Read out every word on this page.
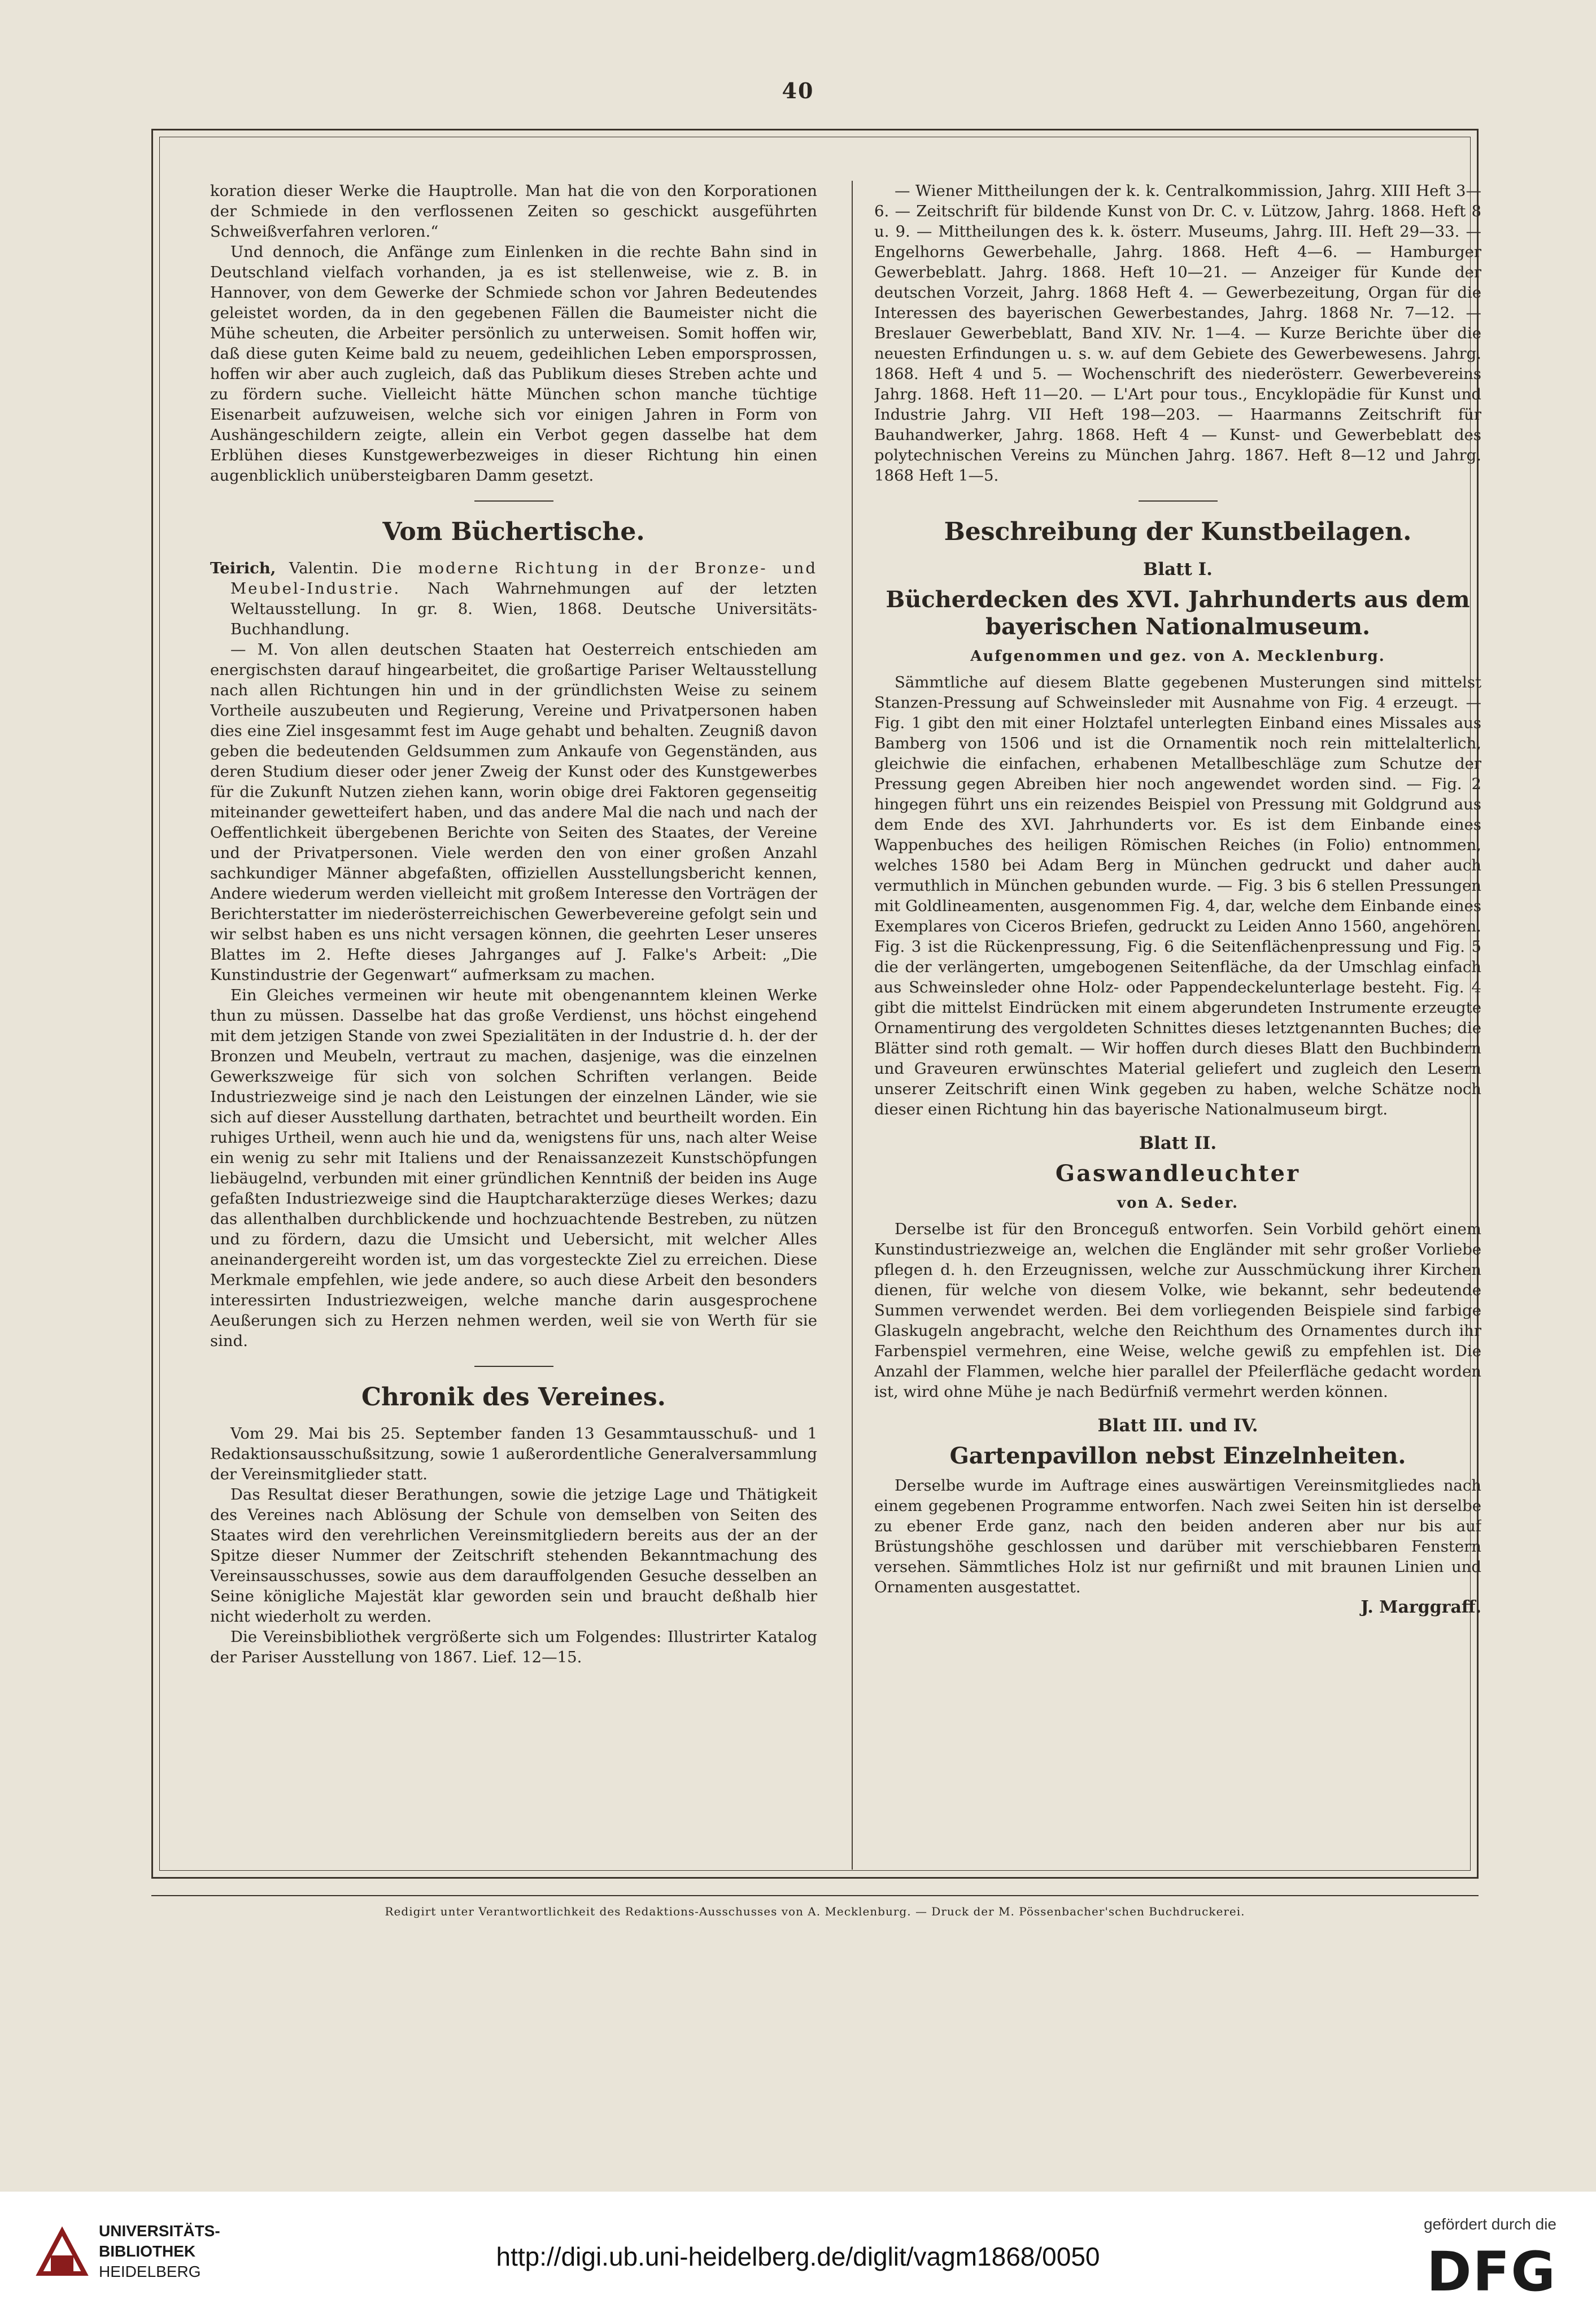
40

koration dieser Werke die Hauptrolle. Man hat die von den Korporationen der Schmiede in den verflossenen Zeiten so geschickt ausgeführten Schweißverfahren verloren.“

Und dennoch, die Anfänge zum Einlenken in die rechte Bahn sind in Deutschland vielfach vorhanden, ja es ist stellenweise, wie z. B. in Hannover, von dem Gewerke der Schmiede schon vor Jahren Bedeutendes geleistet worden, da in den gegebenen Fällen die Baumeister nicht die Mühe scheuten, die Arbeiter persönlich zu unterweisen. Somit hoffen wir, daß diese guten Keime bald zu neuem, gedeihlichen Leben emporsprossen, hoffen wir aber auch zugleich, daß das Publikum dieses Streben achte und zu fördern suche. Vielleicht hätte München schon manche tüchtige Eisenarbeit aufzuweisen, welche sich vor einigen Jahren in Form von Aushängeschildern zeigte, allein ein Verbot gegen dasselbe hat dem Erblühen dieses Kunstgewerbezweiges in dieser Richtung hin einen augenblicklich unübersteigbaren Damm gesetzt.

Vom Büchertische.

Teirich, Valentin. Die moderne Richtung in der Bronze- und Meubel-Industrie. Nach Wahrnehmungen auf der letzten Weltausstellung. In gr. 8. Wien, 1868. Deutsche Universitäts-Buchhandlung.

— M. Von allen deutschen Staaten hat Oesterreich entschieden am energischsten darauf hingearbeitet, die großartige Pariser Weltausstellung nach allen Richtungen hin und in der gründlichsten Weise zu seinem Vortheile auszubeuten und Regierung, Vereine und Privatpersonen haben dies eine Ziel insgesammt fest im Auge gehabt und behalten. Zeugniß davon geben die bedeutenden Geldsummen zum Ankaufe von Gegenständen, aus deren Studium dieser oder jener Zweig der Kunst oder des Kunstgewerbes für die Zukunft Nutzen ziehen kann, worin obige drei Faktoren gegenseitig miteinander gewetteifert haben, und das andere Mal die nach und nach der Oeffentlichkeit übergebenen Berichte von Seiten des Staates, der Vereine und der Privatpersonen. Viele werden den von einer großen Anzahl sachkundiger Männer abgefaßten, offiziellen Ausstellungsbericht kennen, Andere wiederum werden vielleicht mit großem Interesse den Vorträgen der Berichterstatter im niederösterreichischen Gewerbevereine gefolgt sein und wir selbst haben es uns nicht versagen können, die geehrten Leser unseres Blattes im 2. Hefte dieses Jahrganges auf J. Falke's Arbeit: „Die Kunstindustrie der Gegenwart“ aufmerksam zu machen.

Ein Gleiches vermeinen wir heute mit obengenanntem kleinen Werke thun zu müssen. Dasselbe hat das große Verdienst, uns höchst eingehend mit dem jetzigen Stande von zwei Spezialitäten in der Industrie d. h. der der Bronzen und Meubeln, vertraut zu machen, dasjenige, was die einzelnen Gewerkszweige für sich von solchen Schriften verlangen. Beide Industriezweige sind je nach den Leistungen der einzelnen Länder, wie sie sich auf dieser Ausstellung darthaten, betrachtet und beurtheilt worden. Ein ruhiges Urtheil, wenn auch hie und da, wenigstens für uns, nach alter Weise ein wenig zu sehr mit Italiens und der Renaissanzezeit Kunstschöpfungen liebäugelnd, verbunden mit einer gründlichen Kenntniß der beiden ins Auge gefaßten Industriezweige sind die Hauptcharakterzüge dieses Werkes; dazu das allenthalben durchblickende und hochzuachtende Bestreben, zu nützen und zu fördern, dazu die Umsicht und Uebersicht, mit welcher Alles aneinandergereiht worden ist, um das vorgesteckte Ziel zu erreichen. Diese Merkmale empfehlen, wie jede andere, so auch diese Arbeit den besonders interessirten Industriezweigen, welche manche darin ausgesprochene Aeußerungen sich zu Herzen nehmen werden, weil sie von Werth für sie sind.

Chronik des Vereines.

Vom 29. Mai bis 25. September fanden 13 Gesammtausschuß- und 1 Redaktionsausschußsitzung, sowie 1 außerordentliche Generalversammlung der Vereinsmitglieder statt.

Das Resultat dieser Berathungen, sowie die jetzige Lage und Thätigkeit des Vereines nach Ablösung der Schule von demselben von Seiten des Staates wird den verehrlichen Vereinsmitgliedern bereits aus der an der Spitze dieser Nummer der Zeitschrift stehenden Bekanntmachung des Vereinsausschusses, sowie aus dem darauffolgenden Gesuche desselben an Seine königliche Majestät klar geworden sein und braucht deßhalb hier nicht wiederholt zu werden.

Die Vereinsbibliothek vergrößerte sich um Folgendes: Illustrirter Katalog der Pariser Ausstellung von 1867. Lief. 12—15.

— Wiener Mittheilungen der k. k. Centralkommission, Jahrg. XIII Heft 3—6. — Zeitschrift für bildende Kunst von Dr. C. v. Lützow, Jahrg. 1868. Heft 8 u. 9. — Mittheilungen des k. k. österr. Museums, Jahrg. III. Heft 29—33. — Engelhorns Gewerbehalle, Jahrg. 1868. Heft 4—6. — Hamburger Gewerbeblatt. Jahrg. 1868. Heft 10—21. — Anzeiger für Kunde der deutschen Vorzeit, Jahrg. 1868 Heft 4. — Gewerbezeitung, Organ für die Interessen des bayerischen Gewerbestandes, Jahrg. 1868 Nr. 7—12. — Breslauer Gewerbeblatt, Band XIV. Nr. 1—4. — Kurze Berichte über die neuesten Erfindungen u. s. w. auf dem Gebiete des Gewerbewesens. Jahrg. 1868. Heft 4 und 5. — Wochenschrift des niederösterr. Gewerbevereins Jahrg. 1868. Heft 11—20. — L'Art pour tous., Encyklopädie für Kunst und Industrie Jahrg. VII Heft 198—203. — Haarmanns Zeitschrift für Bauhandwerker, Jahrg. 1868. Heft 4 — Kunst- und Gewerbeblatt des polytechnischen Vereins zu München Jahrg. 1867. Heft 8—12 und Jahrg. 1868 Heft 1—5.

Beschreibung der Kunstbeilagen.
Blatt I.
Bücherdecken des XVI. Jahrhunderts aus dem bayerischen Nationalmuseum.
Aufgenommen und gez. von A. Mecklenburg.

Sämmtliche auf diesem Blatte gegebenen Musterungen sind mittelst Stanzen-Pressung auf Schweinsleder mit Ausnahme von Fig. 4 erzeugt. — Fig. 1 gibt den mit einer Holztafel unterlegten Einband eines Missales aus Bamberg von 1506 und ist die Ornamentik noch rein mittelalterlich, gleichwie die einfachen, erhabenen Metallbeschläge zum Schutze der Pressung gegen Abreiben hier noch angewendet worden sind. — Fig. 2 hingegen führt uns ein reizendes Beispiel von Pressung mit Goldgrund aus dem Ende des XVI. Jahrhunderts vor. Es ist dem Einbande eines Wappenbuches des heiligen Römischen Reiches (in Folio) entnommen, welches 1580 bei Adam Berg in München gedruckt und daher auch vermuthlich in München gebunden wurde. — Fig. 3 bis 6 stellen Pressungen mit Goldlineamenten, ausgenommen Fig. 4, dar, welche dem Einbande eines Exemplares von Ciceros Briefen, gedruckt zu Leiden Anno 1560, angehören. Fig. 3 ist die Rückenpressung, Fig. 6 die Seitenflächenpressung und Fig. 5 die der verlängerten, umgebogenen Seitenfläche, da der Umschlag einfach aus Schweinsleder ohne Holz- oder Pappendeckelunterlage besteht. Fig. 4 gibt die mittelst Eindrücken mit einem abgerundeten Instrumente erzeugte Ornamentirung des vergoldeten Schnittes dieses letztgenannten Buches; die Blätter sind roth gemalt. — Wir hoffen durch dieses Blatt den Buchbindern und Graveuren erwünschtes Material geliefert und zugleich den Lesern unserer Zeitschrift einen Wink gegeben zu haben, welche Schätze noch dieser einen Richtung hin das bayerische Nationalmuseum birgt.

Blatt II.
Gaswandleuchter
von A. Seder.

Derselbe ist für den Bronceguß entworfen. Sein Vorbild gehört einem Kunstindustriezweige an, welchen die Engländer mit sehr großer Vorliebe pflegen d. h. den Erzeugnissen, welche zur Ausschmückung ihrer Kirchen dienen, für welche von diesem Volke, wie bekannt, sehr bedeutende Summen verwendet werden. Bei dem vorliegenden Beispiele sind farbige Glaskugeln angebracht, welche den Reichthum des Ornamentes durch ihr Farbenspiel vermehren, eine Weise, welche gewiß zu empfehlen ist. Die Anzahl der Flammen, welche hier parallel der Pfeilerfläche gedacht worden ist, wird ohne Mühe je nach Bedürfniß vermehrt werden können.

Blatt III. und IV.
Gartenpavillon nebst Einzelnheiten.

Derselbe wurde im Auftrage eines auswärtigen Vereinsmitgliedes nach einem gegebenen Programme entworfen. Nach zwei Seiten hin ist derselbe zu ebener Erde ganz, nach den beiden anderen aber nur bis auf Brüstungshöhe geschlossen und darüber mit verschiebbaren Fenstern versehen. Sämmtliches Holz ist nur gefirnißt und mit braunen Linien und Ornamenten ausgestattet.

J. Marggraff.
Redigirt unter Verantwortlichkeit des Redaktions-Ausschusses von A. Mecklenburg. — Druck der M. Pössenbacher'schen Buchdruckerei.
UNIVERSITÄTS-
BIBLIOTHEK
HEIDELBERG
http://digi.ub.uni-heidelberg.de/diglit/vagm1868/0050
gefördert durch die
DFG
